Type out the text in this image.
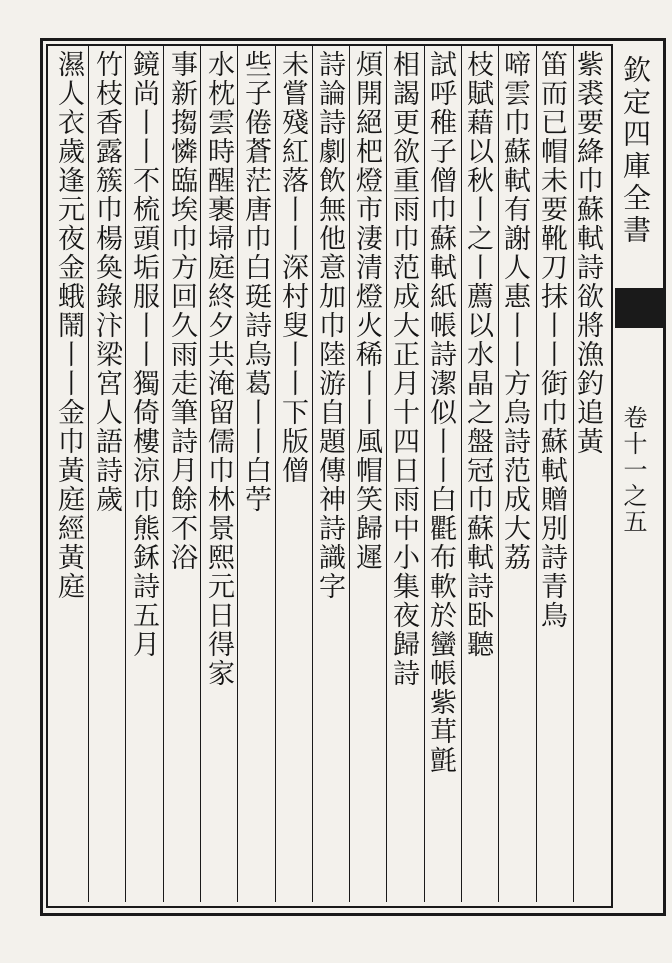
欽定四庫全書
卷十一之五
紫裘要絳巾蘇軾詩欲將漁釣追黃
笛而已帽未要靴刀抹丨丨衘巾蘇軾贈別詩青鳥
啼雲巾蘇軾有謝人惠丨丨方烏詩范成大荔
枝賦藉以秋丨之丨薦以水晶之盤冠巾蘇軾詩卧聽
試呼稚子僧巾蘇軾紙帳詩潔似丨丨白氍布軟於蠻帳紫茸氈
相謁更欲重雨巾范成大正月十四日雨中小集夜歸詩
煩開絕杷燈市淒清燈火稀丨丨風帽笑歸遲
詩論詩劇飲無他意加巾陸游自題傳神詩識字
未嘗殘紅落丨丨深村叟丨丨下版僧
些子倦蒼茫唐巾白珽詩烏葛丨丨白苧
水枕雲時醒裹埽庭終夕共淹留儒巾林景熙元日得家
事新搊憐臨埃巾方回久雨走筆詩月餘不浴
鏡尚丨丨不梳頭垢服丨丨獨倚樓涼巾熊鉌詩五月
竹枝香露簇巾楊奐錄汴梁宮人語詩歲
濕人衣歲逢元夜金蛾鬧丨丨金巾黃庭經黃庭
